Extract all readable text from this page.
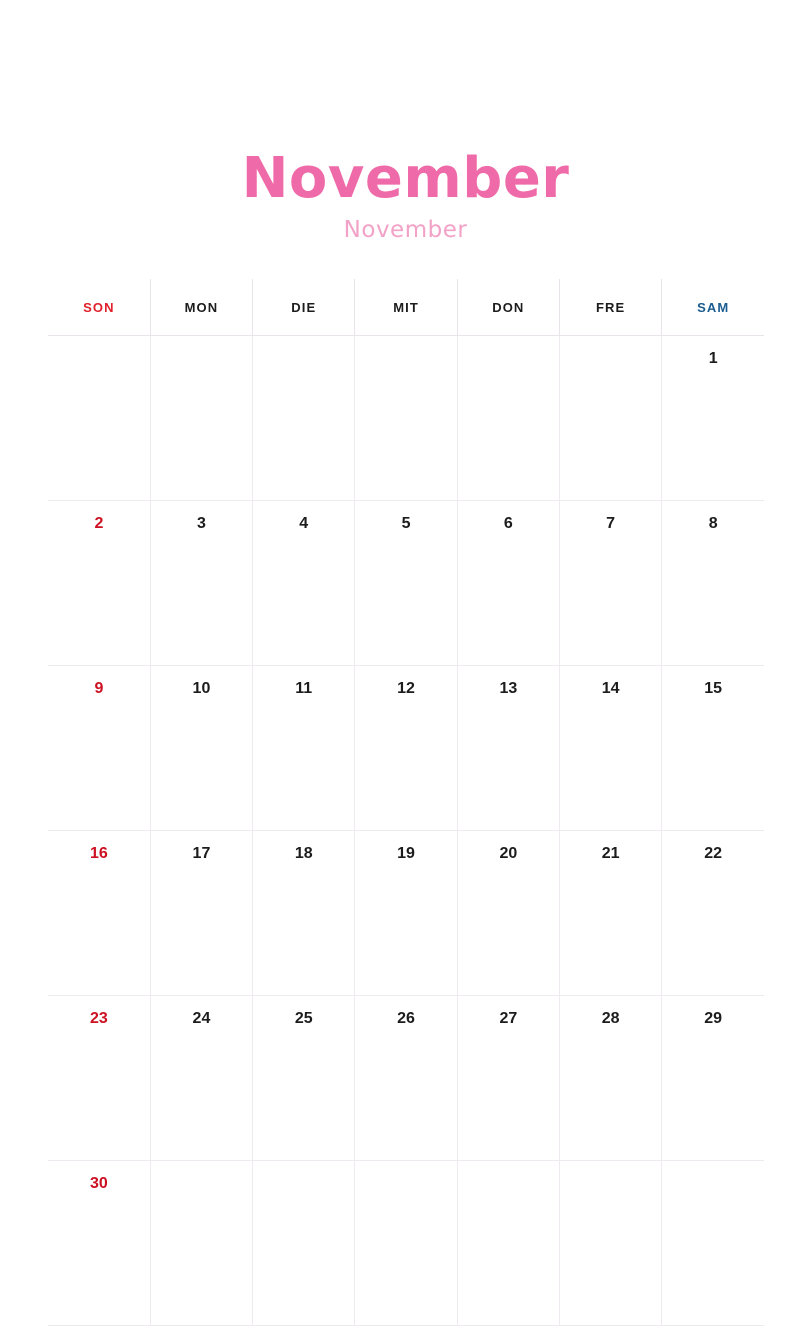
November
November
SON	MON	DIE	MIT	DON	FRE	SAM
						1
2	3	4	5	6	7	8
9	10	11	12	13	14	15
16	17	18	19	20	21	22
23	24	25	26	27	28	29
30						
